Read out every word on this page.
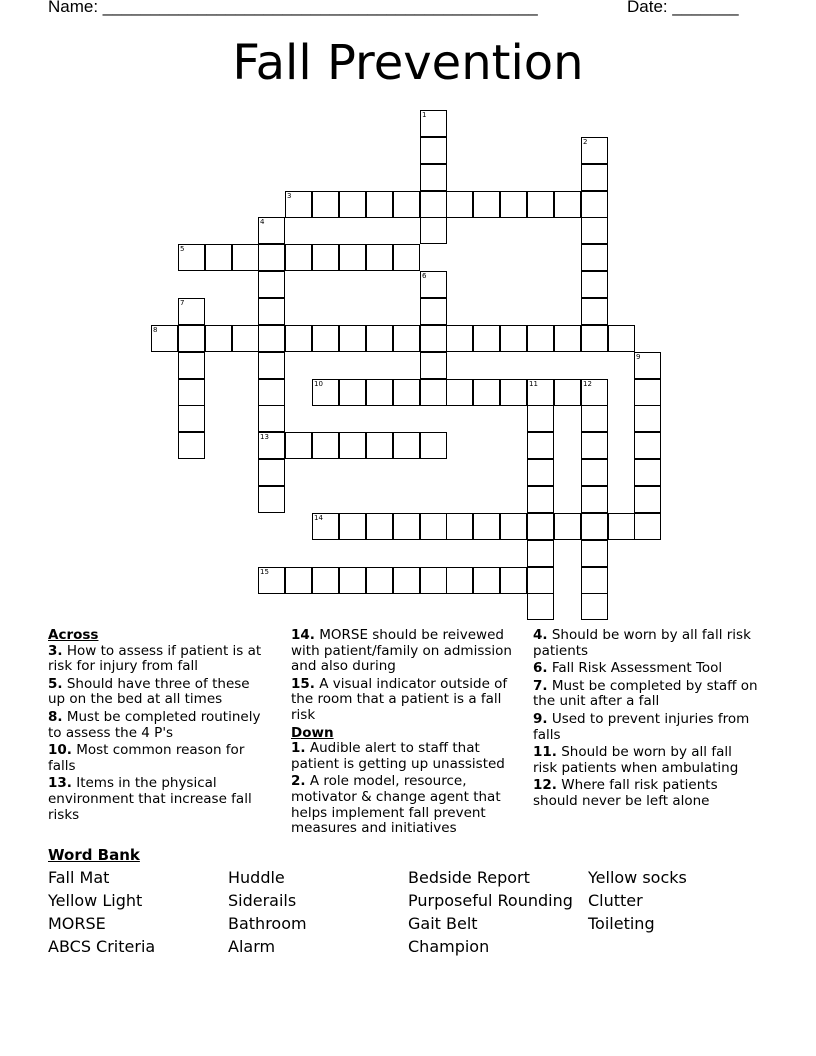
Name: ______________________________________________	Date: _______
Fall Prevention
1
2
3
4
13
5
6
7
8
9
10	11	12
14
15
Across
3. How to assess if patient is at risk for injury from fall
5. Should have three of these up on the bed at all times
8. Must be completed routinely to assess the 4 P's
10. Most common reason for falls
13. Items in the physical environment that increase fall risks
14. MORSE should be reivewed with patient/family on admission and also during
15. A visual indicator outside of the room that a patient is a fall risk
Down
1. Audible alert to staff that patient is getting up unassisted
2. A role model, resource, motivator & change agent that helps implement fall prevent measures and initiatives
4. Should be worn by all fall risk patients
6. Fall Risk Assessment Tool
7. Must be completed by staff on the unit after a fall
9. Used to prevent injuries from falls
11. Should be worn by all fall risk patients when ambulating
12. Where fall risk patients should never be left alone
Word Bank
Fall Mat
Yellow Light
MORSE
ABCS Criteria
Huddle
Siderails
Bathroom
Alarm
Bedside Report
Purposeful Rounding
Gait Belt
Champion
Yellow socks
Clutter
Toileting
